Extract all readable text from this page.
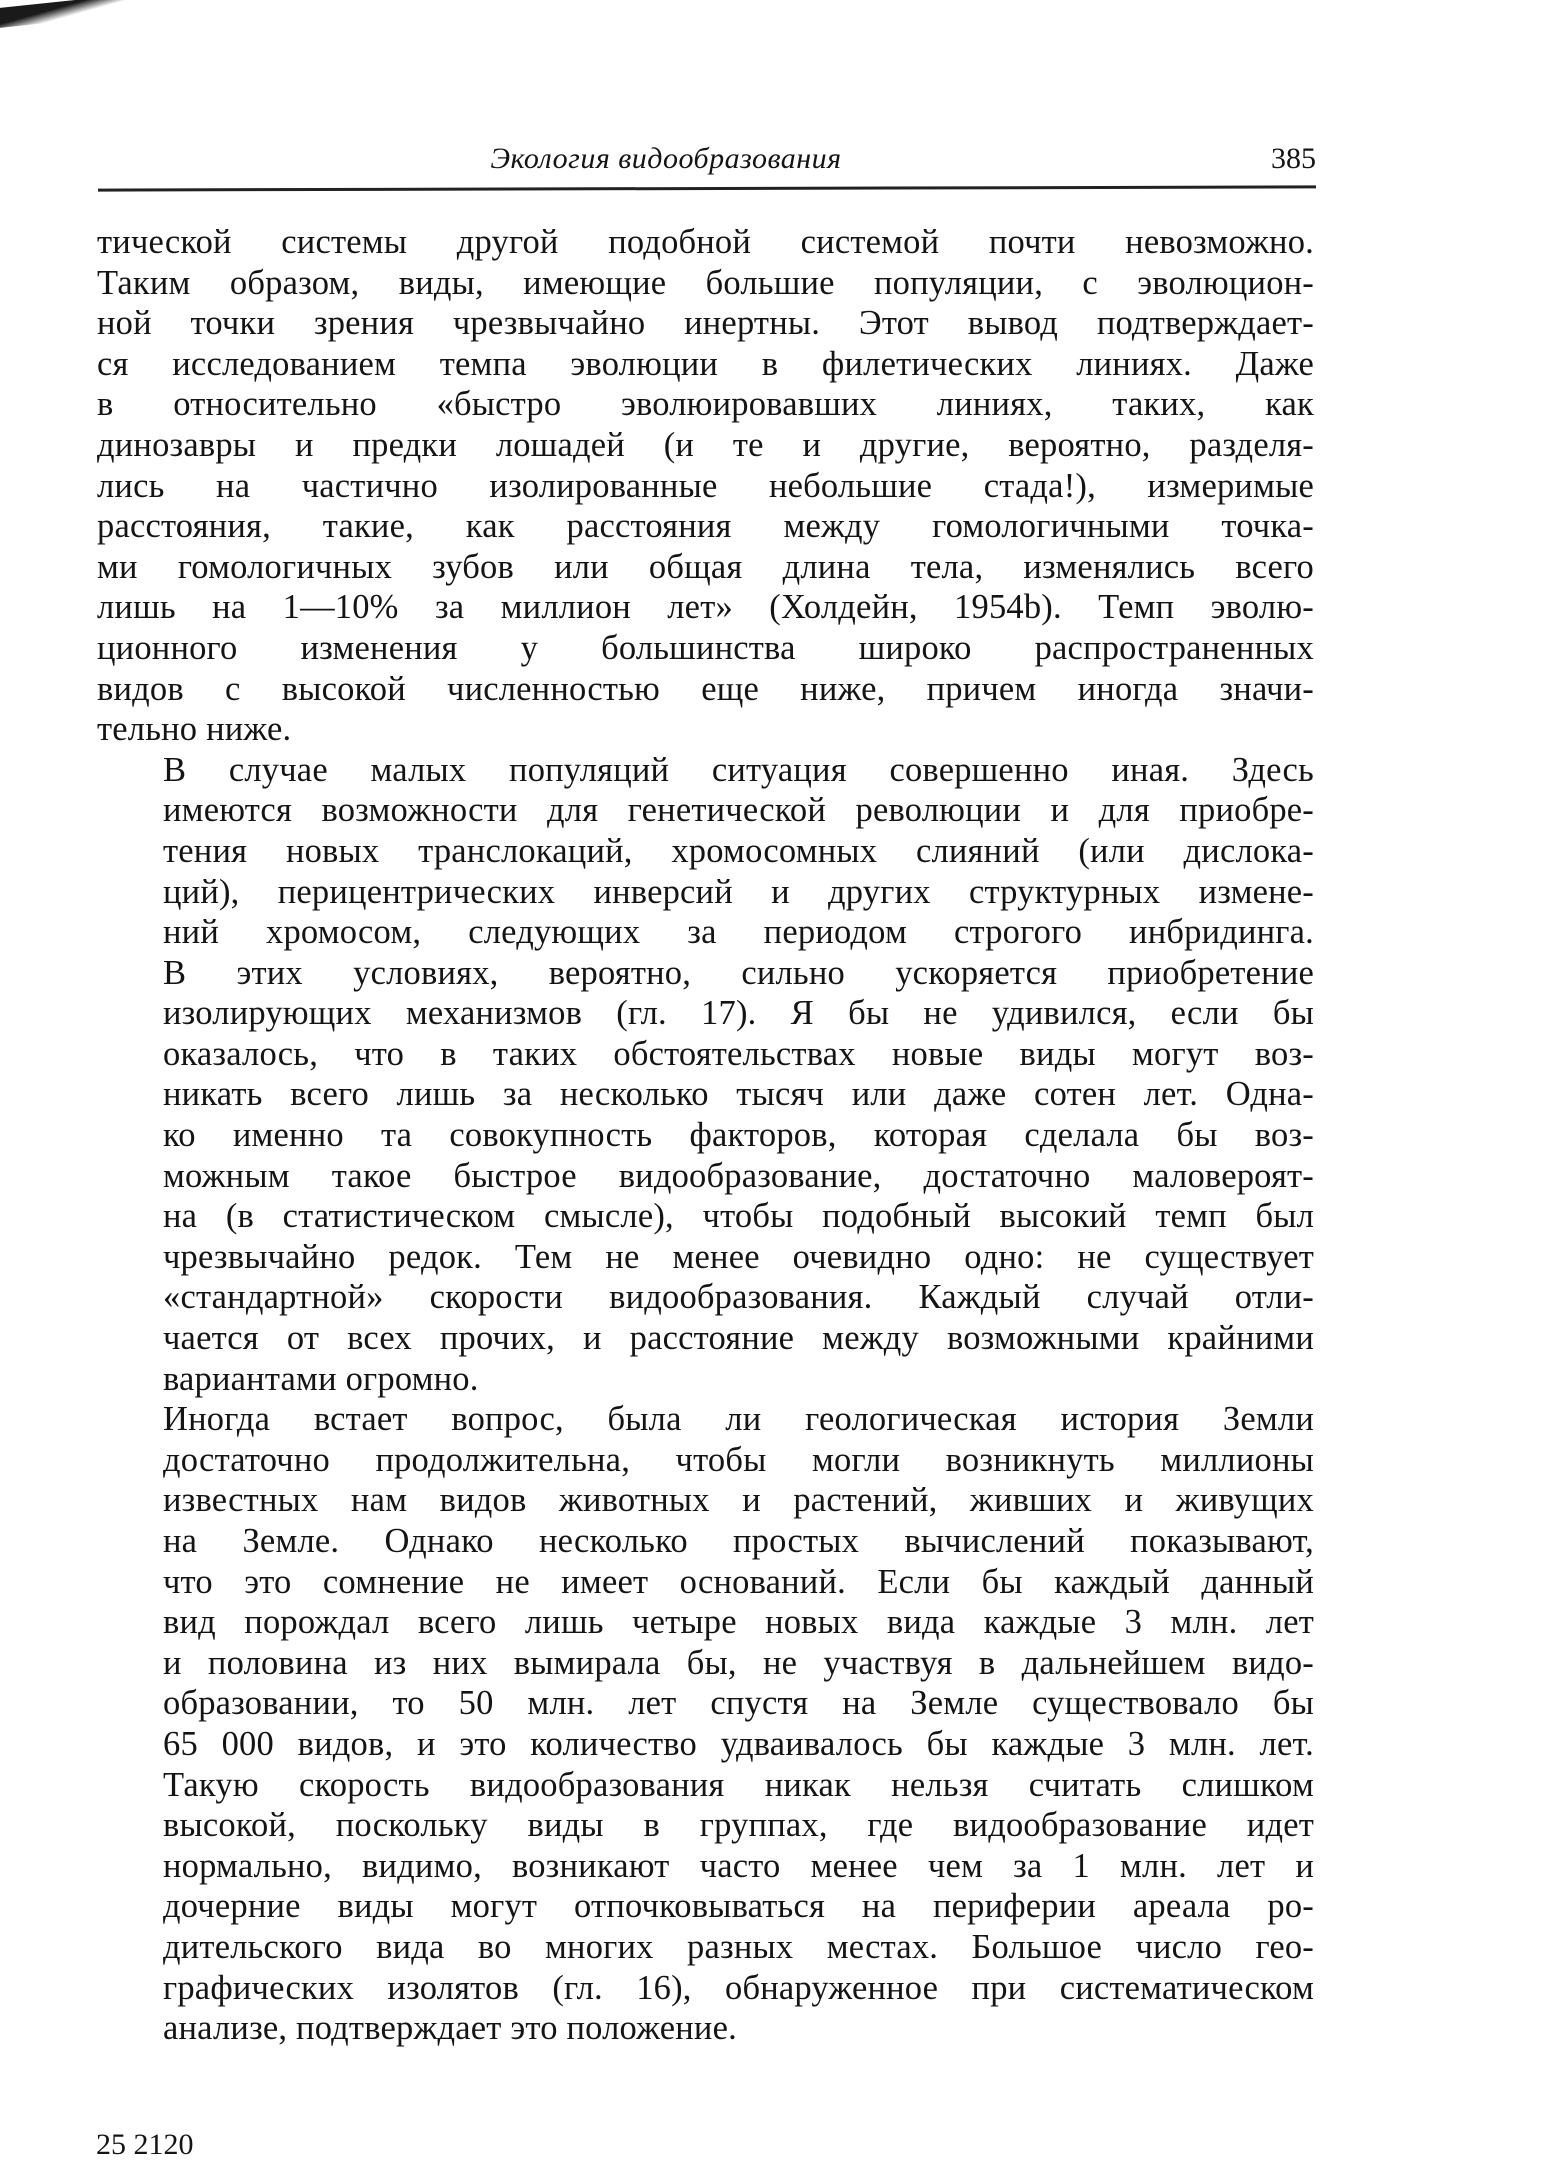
Экология видообразования	385

тической системы другой подобной системой почти невозможно.
Таким образом, виды, имеющие большие популяции, с эволюцион-
ной точки зрения чрезвычайно инертны. Этот вывод подтверждает-
ся исследованием темпа эволюции в филетических линиях. Даже
в относительно «быстро эволюировавших линиях, таких, как
динозавры и предки лошадей (и те и другие, вероятно, разделя-
лись на частично изолированные небольшие стада!), измеримые
расстояния, такие, как расстояния между гомологичными точка-
ми гомологичных зубов или общая длина тела, изменялись всего
лишь на 1—10% за миллион лет» (Холдейн, 1954b). Темп эволю-
ционного изменения у большинства широко распространенных
видов с высокой численностью еще ниже, причем иногда значи-
тельно ниже.

В случае малых популяций ситуация совершенно иная. Здесь
имеются возможности для генетической революции и для приобре-
тения новых транслокаций, хромосомных слияний (или дислока-
ций), перицентрических инверсий и других структурных измене-
ний хромосом, следующих за периодом строгого инбридинга.
В этих условиях, вероятно, сильно ускоряется приобретение
изолирующих механизмов (гл. 17). Я бы не удивился, если бы
оказалось, что в таких обстоятельствах новые виды могут воз-
никать всего лишь за несколько тысяч или даже сотен лет. Одна-
ко именно та совокупность факторов, которая сделала бы воз-
можным такое быстрое видообразование, достаточно маловероят-
на (в статистическом смысле), чтобы подобный высокий темп был
чрезвычайно редок. Тем не менее очевидно одно: не существует
«стандартной» скорости видообразования. Каждый случай отли-
чается от всех прочих, и расстояние между возможными крайними
вариантами огромно.

Иногда встает вопрос, была ли геологическая история Земли
достаточно продолжительна, чтобы могли возникнуть миллионы
известных нам видов животных и растений, живших и живущих
на Земле. Однако несколько простых вычислений показывают,
что это сомнение не имеет оснований. Если бы каждый данный
вид порождал всего лишь четыре новых вида каждые 3 млн. лет
и половина из них вымирала бы, не участвуя в дальнейшем видо-
образовании, то 50 млн. лет спустя на Земле существовало бы
65 000 видов, и это количество удваивалось бы каждые 3 млн. лет.
Такую скорость видообразования никак нельзя считать слишком
высокой, поскольку виды в группах, где видообразование идет
нормально, видимо, возникают часто менее чем за 1 млн. лет и
дочерние виды могут отпочковываться на периферии ареала ро-
дительского вида во многих разных местах. Большое число гео-
графических изолятов (гл. 16), обнаруженное при систематическом
анализе, подтверждает это положение.

25 2120
